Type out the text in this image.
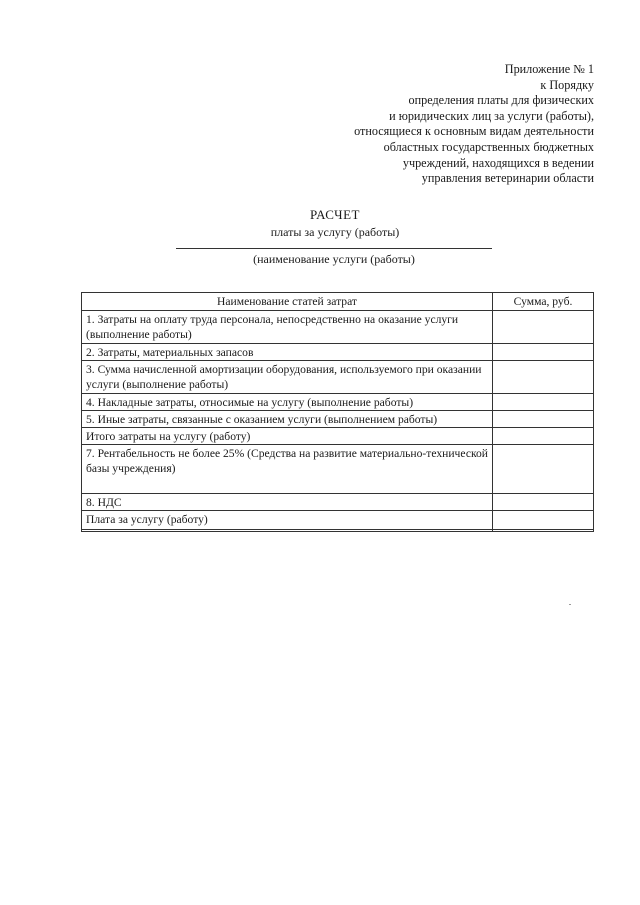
Приложение № 1
к Порядку
определения платы для физических
и юридических лиц за услуги (работы),
относящиеся к основным видам деятельности
областных государственных бюджетных
учреждений, находящихся в ведении
управления ветеринарии области
РАСЧЕТ
платы за услугу (работы)
(наименование услуги (работы)
Наименование статей затрат	Сумма, руб.

1. Затраты на оплату труда персонала, непосредственно на оказание услуги (выполнение работы)	

2. Затраты, материальных запасов	

3. Сумма начисленной амортизации оборудования, используемого при оказании услуги (выполнение работы)	

4. Накладные затраты, относимые на услугу (выполнение работы)	

5. Иные затраты, связанные с оказанием услуги (выполнением работы)	

Итого затраты на услугу (работу)	

7. Рентабельность не более 25% (Средства на развитие материально-технической базы учреждения)	

8. НДС	

Плата за услугу (работу)	
